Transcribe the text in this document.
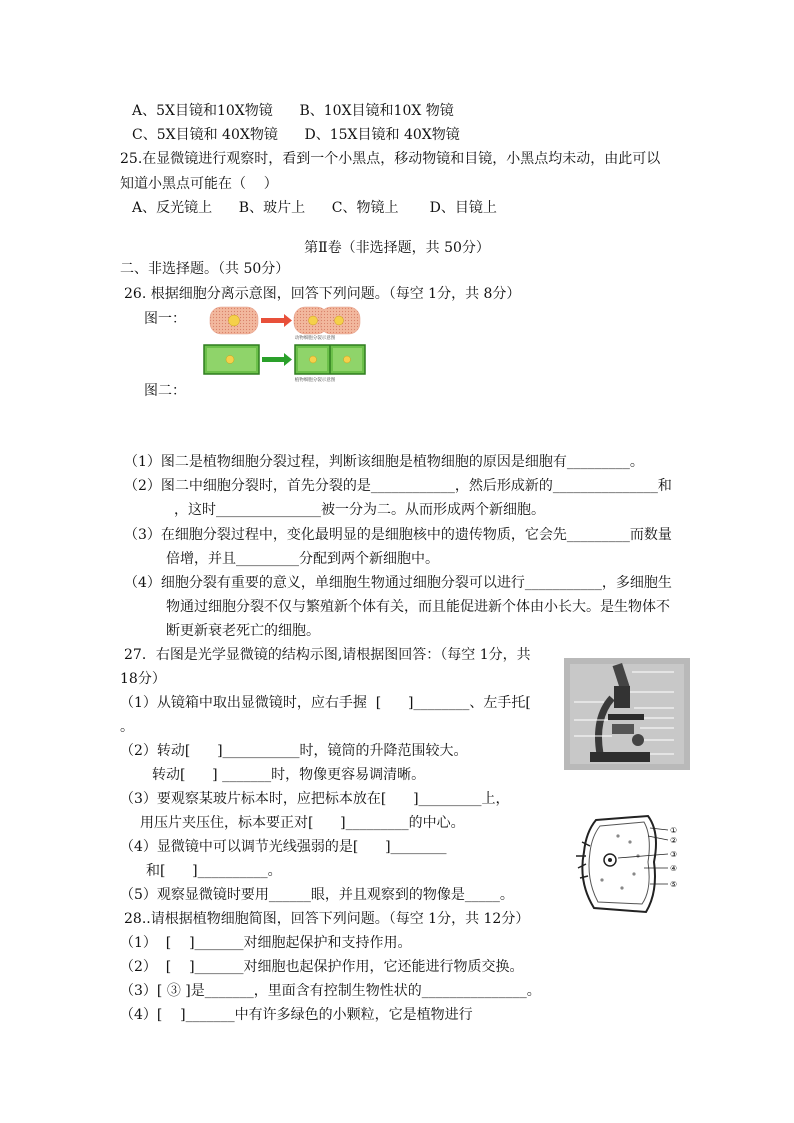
A、5X目镜和10X物镜      B、10X目镜和10X 物镜
C、5X目镜和 40X物镜      D、15X目镜和 40X物镜
25.在显微镜进行观察时，看到一个小黑点，移动物镜和目镜，小黑点均未动，由此可以
知道小黑点可能在（    ）
A、反光镜上      B、玻片上      C、物镜上       D、目镜上
第Ⅱ卷（非选择题，共 50分）
二、非选择题。（共 50分）
26. 根据细胞分离示意图，回答下列问题。（每空 1分，共 8分）
图一：
动物细胞分裂示意图
植物细胞分裂示意图
图二：
（1）图二是植物细胞分裂过程，判断该细胞是植物细胞的原因是细胞有_________。
（2）图二中细胞分裂时，首先分裂的是____________，然后形成新的_______________和
，这时_______________被一分为二。从而形成两个新细胞。
（3）在细胞分裂过程中，变化最明显的是细胞核中的遗传物质，它会先_________而数量
倍增，并且_________分配到两个新细胞中。
（4）细胞分裂有重要的意义，单细胞生物通过细胞分裂可以进行___________，多细胞生
物通过细胞分裂不仅与繁殖新个体有关，而且能促进新个体由小长大。是生物体不
断更新衰老死亡的细胞。
27．右图是光学显微镜的结构示图,请根据图回答：（每空 1分，共
18分）
（1）从镜箱中取出显微镜时，应右手握  [      ]________、左手托[
。
（2）转动[      ]___________时，镜筒的升降范围较大。
转动[      ] _______时，物像更容易调清晰。
（3）要观察某玻片标本时，应把标本放在[      ]_________上，
用压片夹压住，标本要正对[      ]_________的中心。
（4）显微镜中可以调节光线强弱的是[      ]________
和[      ]__________。
（5）观察显微镜时要用______眼，并且观察到的物像是_____。
①
②
③
④
⑤
28..请根据植物细胞简图，回答下列问题。（每空 1分，共 12分）
（1）  [    ]_______对细胞起保护和支持作用。
（2）  [    ]_______对细胞也起保护作用，它还能进行物质交换。
（3）[ ③ ]是_______，里面含有控制生物性状的_______________。
（4）[    ]_______中有许多绿色的小颗粒，它是植物进行
